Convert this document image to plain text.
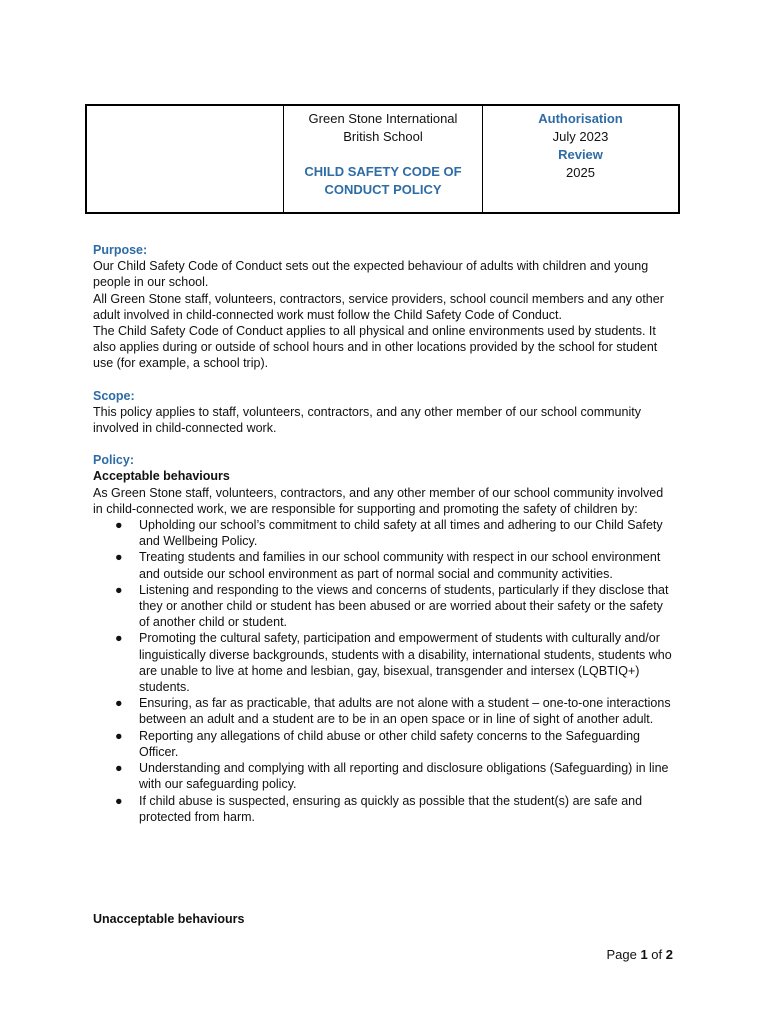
Green Stone International
British School
CHILD SAFETY CODE OF
CONDUCT POLICY
Authorisation
July 2023
Review
2025

Purpose:

Our Child Safety Code of Conduct sets out the expected behaviour of adults with children and young people in our school.

All Green Stone staff, volunteers, contractors, service providers, school council members and any other adult involved in child-connected work must follow the Child Safety Code of Conduct.

The Child Safety Code of Conduct applies to all physical and online environments used by students. It also applies during or outside of school hours and in other locations provided by the school for student use (for example, a school trip).

Scope:

This policy applies to staff, volunteers, contractors, and any other member of our school community involved in child-connected work.

Policy:

Acceptable behaviours

As Green Stone staff, volunteers, contractors, and any other member of our school community involved in child-connected work, we are responsible for supporting and promoting the safety of children by:

● Upholding our school’s commitment to child safety at all times and adhering to our Child Safety and Wellbeing Policy.
● Treating students and families in our school community with respect in our school environment and outside our school environment as part of normal social and community activities.
● Listening and responding to the views and concerns of students, particularly if they disclose that they or another child or student has been abused or are worried about their safety or the safety of another child or student.
● Promoting the cultural safety, participation and empowerment of students with culturally and/or linguistically diverse backgrounds, students with a disability, international students, students who are unable to live at home and lesbian, gay, bisexual, transgender and intersex (LQBTIQ+) students.
● Ensuring, as far as practicable, that adults are not alone with a student – one-to-one interactions between an adult and a student are to be in an open space or in line of sight of another adult.
● Reporting any allegations of child abuse or other child safety concerns to the Safeguarding Officer.
● Understanding and complying with all reporting and disclosure obligations (Safeguarding) in line with our safeguarding policy.
● If child abuse is suspected, ensuring as quickly as possible that the student(s) are safe and protected from harm.

Unacceptable behaviours

Page 1 of 2
